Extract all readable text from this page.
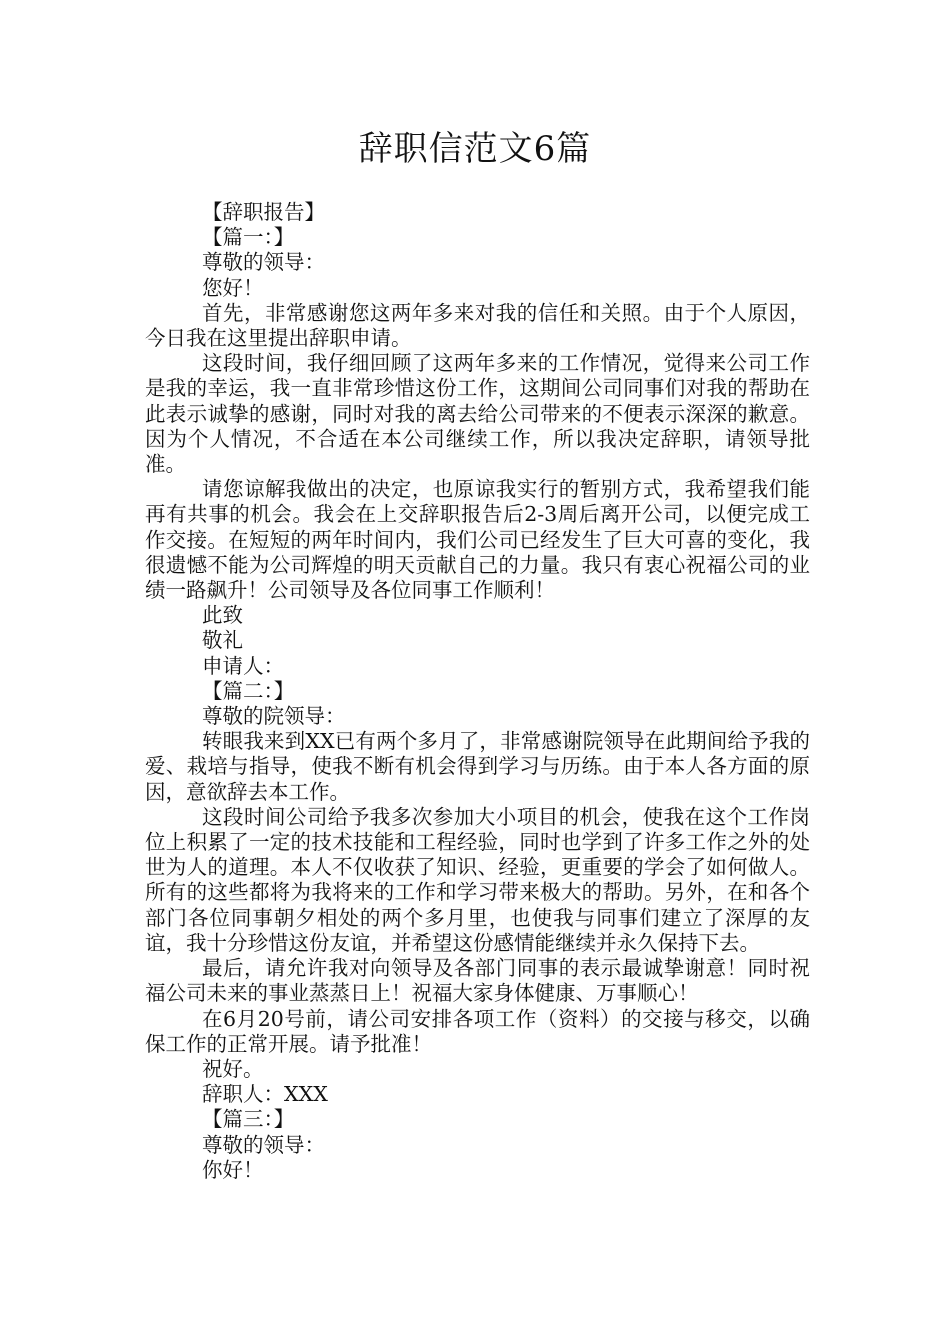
辞职信范文6篇

【辞职报告】

【篇一：】

尊敬的领导：

您好！

首先，非常感谢您这两年多来对我的信任和关照。由于个人原因，今日我在这里提出辞职申请。

这段时间，我仔细回顾了这两年多来的工作情况，觉得来公司工作是我的幸运，我一直非常珍惜这份工作，这期间公司同事们对我的帮助在此表示诚挚的感谢，同时对我的离去给公司带来的不便表示深深的歉意。因为个人情况，不合适在本公司继续工作，所以我决定辞职，请领导批准。

请您谅解我做出的决定，也原谅我实行的暂别方式，我希望我们能再有共事的机会。我会在上交辞职报告后2-3周后离开公司，以便完成工作交接。在短短的两年时间内，我们公司已经发生了巨大可喜的变化，我很遗憾不能为公司辉煌的明天贡献自己的力量。我只有衷心祝福公司的业绩一路飙升！公司领导及各位同事工作顺利！

此致

敬礼

申请人：

【篇二：】

尊敬的院领导：

转眼我来到XX已有两个多月了，非常感谢院领导在此期间给予我的爱、栽培与指导，使我不断有机会得到学习与历练。由于本人各方面的原因，意欲辞去本工作。

这段时间公司给予我多次参加大小项目的机会，使我在这个工作岗位上积累了一定的技术技能和工程经验，同时也学到了许多工作之外的处世为人的道理。本人不仅收获了知识、经验，更重要的学会了如何做人。所有的这些都将为我将来的工作和学习带来极大的帮助。另外，在和各个部门各位同事朝夕相处的两个多月里，也使我与同事们建立了深厚的友谊，我十分珍惜这份友谊，并希望这份感情能继续并永久保持下去。

最后，请允许我对向领导及各部门同事的表示最诚挚谢意！同时祝福公司未来的事业蒸蒸日上！祝福大家身体健康、万事顺心！

在6月20号前，请公司安排各项工作（资料）的交接与移交，以确保工作的正常开展。请予批准！

祝好。

辞职人：XXX

【篇三：】

尊敬的领导：

你好！
